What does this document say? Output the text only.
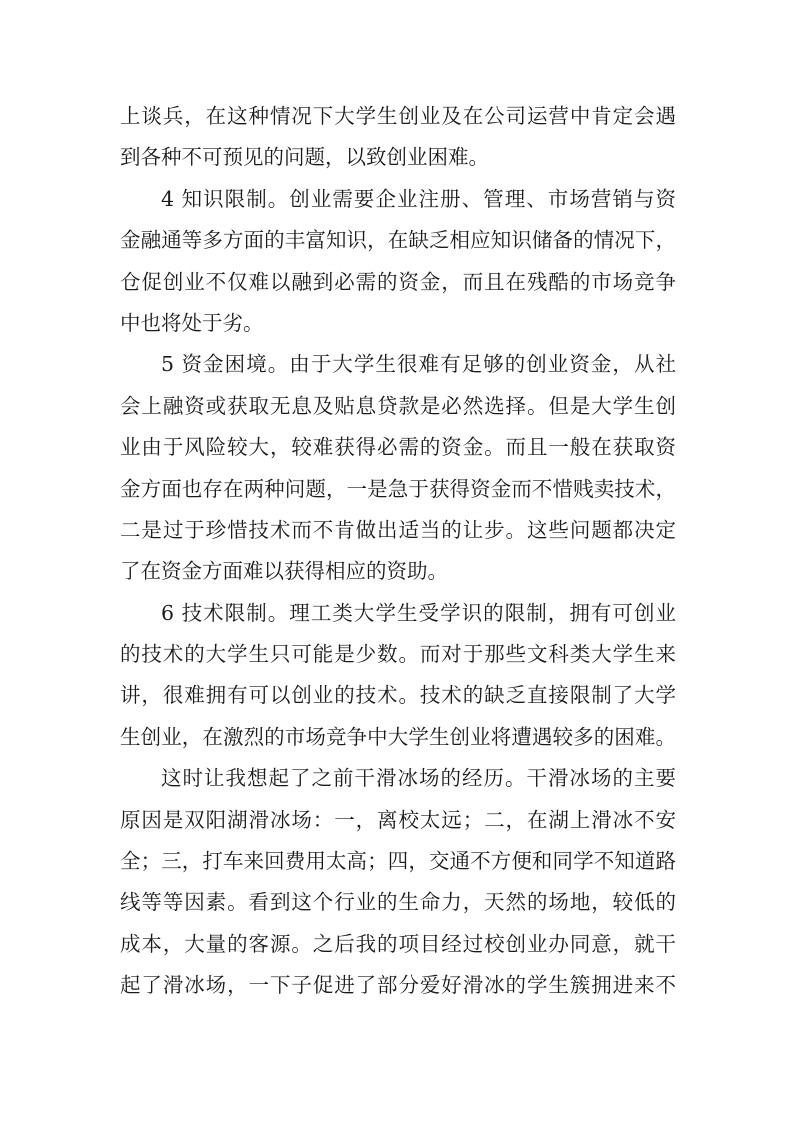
上谈兵，在这种情况下大学生创业及在公司运营中肯定会遇
到各种不可预见的问题，以致创业困难。
4 知识限制。创业需要企业注册、管理、市场营销与资
金融通等多方面的丰富知识，在缺乏相应知识储备的情况下，
仓促创业不仅难以融到必需的资金，而且在残酷的市场竞争
中也将处于劣。
5 资金困境。由于大学生很难有足够的创业资金，从社
会上融资或获取无息及贴息贷款是必然选择。但是大学生创
业由于风险较大，较难获得必需的资金。而且一般在获取资
金方面也存在两种问题，一是急于获得资金而不惜贱卖技术，
二是过于珍惜技术而不肯做出适当的让步。这些问题都决定
了在资金方面难以获得相应的资助。
6 技术限制。理工类大学生受学识的限制，拥有可创业
的技术的大学生只可能是少数。而对于那些文科类大学生来
讲，很难拥有可以创业的技术。技术的缺乏直接限制了大学
生创业，在激烈的市场竞争中大学生创业将遭遇较多的困难。
这时让我想起了之前干滑冰场的经历。干滑冰场的主要
原因是双阳湖滑冰场：一，离校太远；二，在湖上滑冰不安
全；三，打车来回费用太高；四，交通不方便和同学不知道路
线等等因素。看到这个行业的生命力，天然的场地，较低的
成本，大量的客源。之后我的项目经过校创业办同意，就干
起了滑冰场，一下子促进了部分爱好滑冰的学生簇拥进来不
